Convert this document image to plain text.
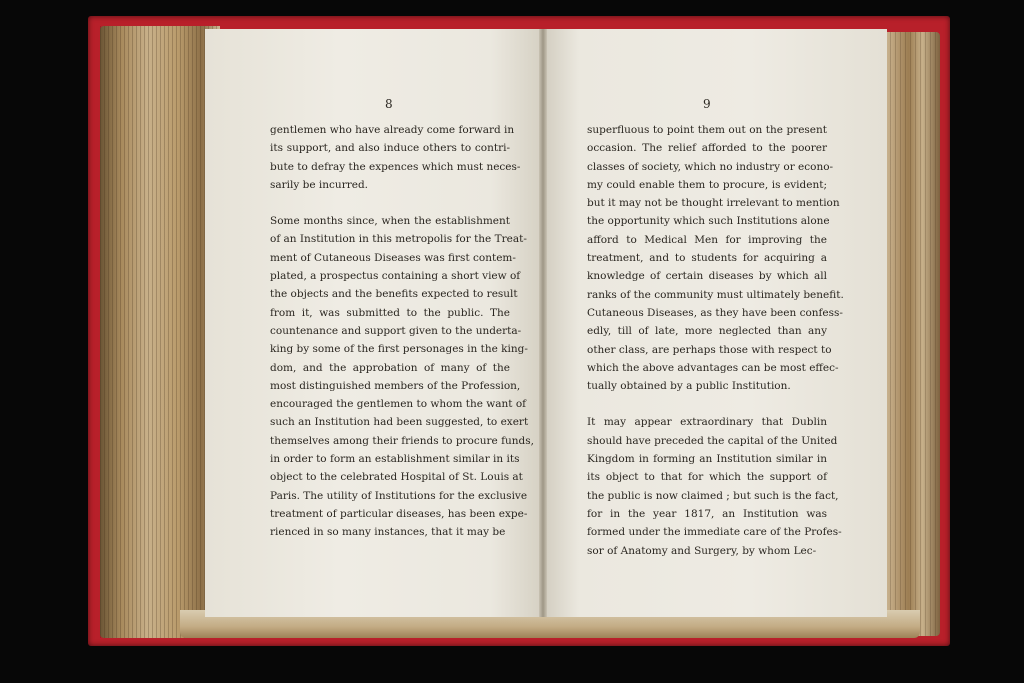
8
gentlemen who have already come forward in
its support, and also induce others to contri-
bute to defray the expences which must neces-
sarily be incurred.
Some months since, when the establishment
of an Institution in this metropolis for the Treat-
ment of Cutaneous Diseases was first contem-
plated, a prospectus containing a short view of
the objects and the benefits expected to result
from it, was submitted to the public. The
countenance and support given to the underta-
king by some of the first personages in the king-
dom, and the approbation of many of the
most distinguished members of the Profession,
encouraged the gentlemen to whom the want of
such an Institution had been suggested, to exert
themselves among their friends to procure funds,
in order to form an establishment similar in its
object to the celebrated Hospital of St. Louis at
Paris. The utility of Institutions for the exclusive
treatment of particular diseases, has been expe-
rienced in so many instances, that it may be
9
superfluous to point them out on the present
occasion. The relief afforded to the poorer
classes of society, which no industry or econo-
my could enable them to procure, is evident;
but it may not be thought irrelevant to mention
the opportunity which such Institutions alone
afford to Medical Men for improving the
treatment, and to students for acquiring a
knowledge of certain diseases by which all
ranks of the community must ultimately benefit.
Cutaneous Diseases, as they have been confess-
edly, till of late, more neglected than any
other class, are perhaps those with respect to
which the above advantages can be most effec-
tually obtained by a public Institution.
It may appear extraordinary that Dublin
should have preceded the capital of the United
Kingdom in forming an Institution similar in
its object to that for which the support of
the public is now claimed ; but such is the fact,
for in the year 1817, an Institution was
formed under the immediate care of the Profes-
sor of Anatomy and Surgery, by whom Lec-
